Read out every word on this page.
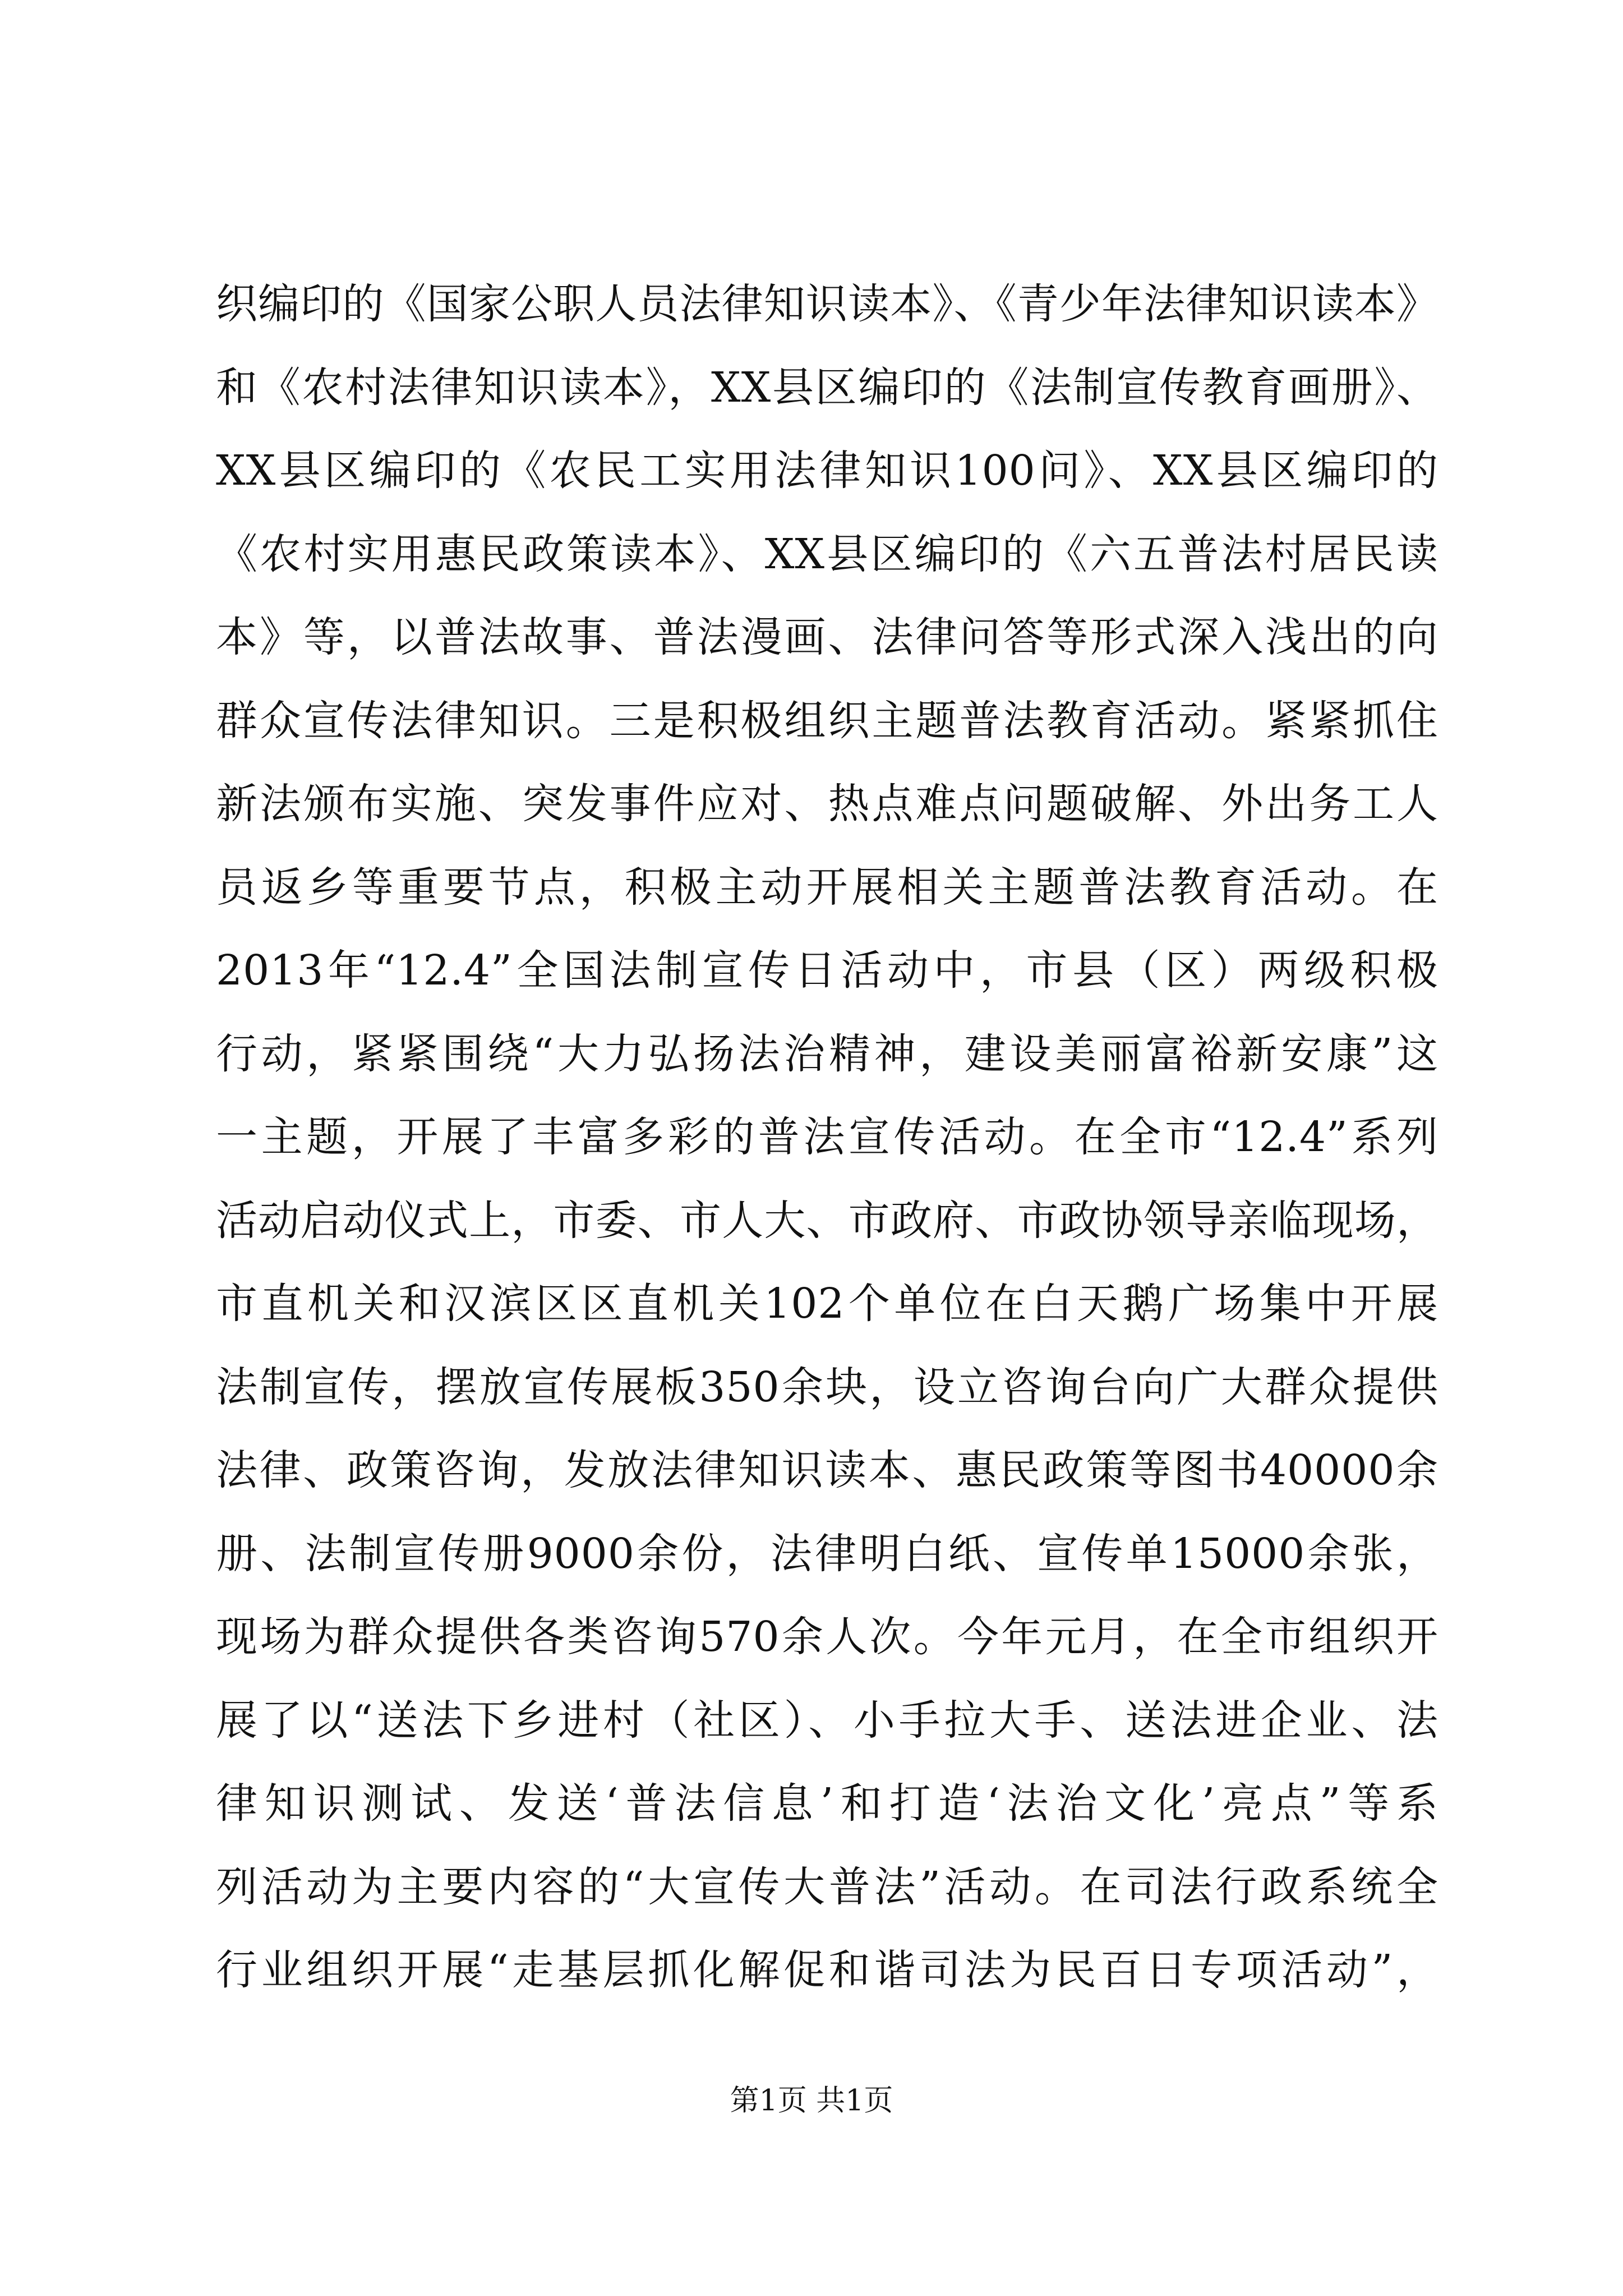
织编印的《国家公职人员法律知识读本》、《青少年法律知识读本》
和《农村法律知识读本》，XX县区编印的《法制宣传教育画册》、
XX县区编印的《农民工实用法律知识100问》、XX县区编印的
《农村实用惠民政策读本》、XX县区编印的《六五普法村居民读
本》等，以普法故事、普法漫画、法律问答等形式深入浅出的向
群众宣传法律知识。三是积极组织主题普法教育活动。紧紧抓住
新法颁布实施、突发事件应对、热点难点问题破解、外出务工人
员返乡等重要节点，积极主动开展相关主题普法教育活动。在
2013年“12.4”全国法制宣传日活动中，市县（区）两级积极
行动，紧紧围绕“大力弘扬法治精神，建设美丽富裕新安康”这
一主题，开展了丰富多彩的普法宣传活动。在全市“12.4”系列
活动启动仪式上，市委、市人大、市政府、市政协领导亲临现场，
市直机关和汉滨区区直机关102个单位在白天鹅广场集中开展
法制宣传，摆放宣传展板350余块，设立咨询台向广大群众提供
法律、政策咨询，发放法律知识读本、惠民政策等图书40000余
册、法制宣传册9000余份，法律明白纸、宣传单15000余张，
现场为群众提供各类咨询570余人次。今年元月，在全市组织开
展了以“送法下乡进村（社区）、小手拉大手、送法进企业、法
律知识测试、发送‘普法信息’和打造‘法治文化’亮点”等系
列活动为主要内容的“大宣传大普法”活动。在司法行政系统全
行业组织开展“走基层抓化解促和谐司法为民百日专项活动”，
第1页 共1页
